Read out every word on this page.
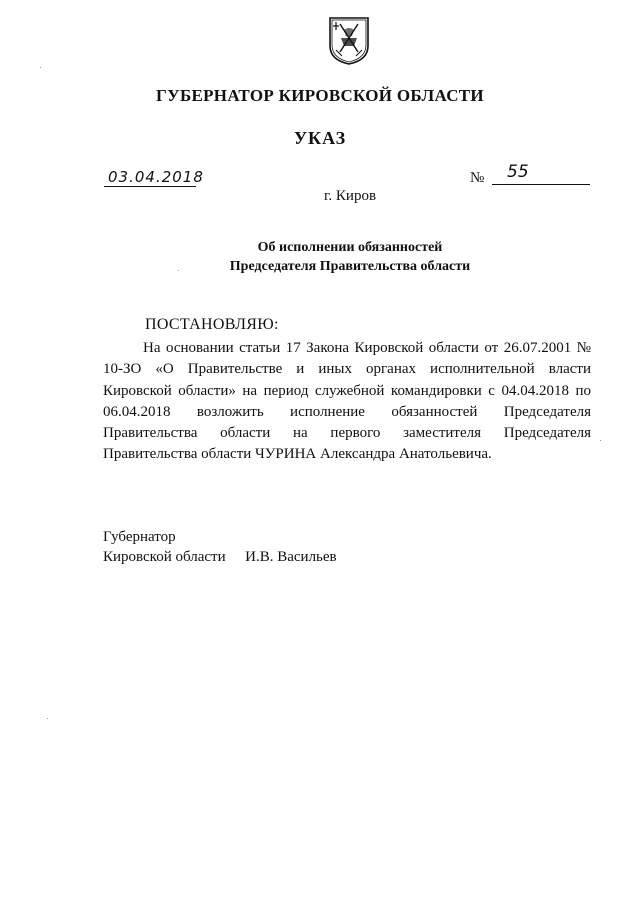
ГУБЕРНАТОР КИРОВСКОЙ ОБЛАСТИ
УКАЗ
03.04.2018	№ 55
г. Киров
Об исполнении обязанностей
Председателя Правительства области
ПОСТАНОВЛЯЮ:

На основании статьи 17 Закона Кировской области от 26.07.2001 № 10-ЗО «О Правительстве и иных органах исполнительной власти Кировской области» на период служебной командировки с 04.04.2018 по 06.04.2018 возложить исполнение обязанностей Председателя Правительства области на первого заместителя Председателя Правительства области ЧУРИНА Александра Анатольевича.

Губернатор
Кировской области И.В. Васильев
